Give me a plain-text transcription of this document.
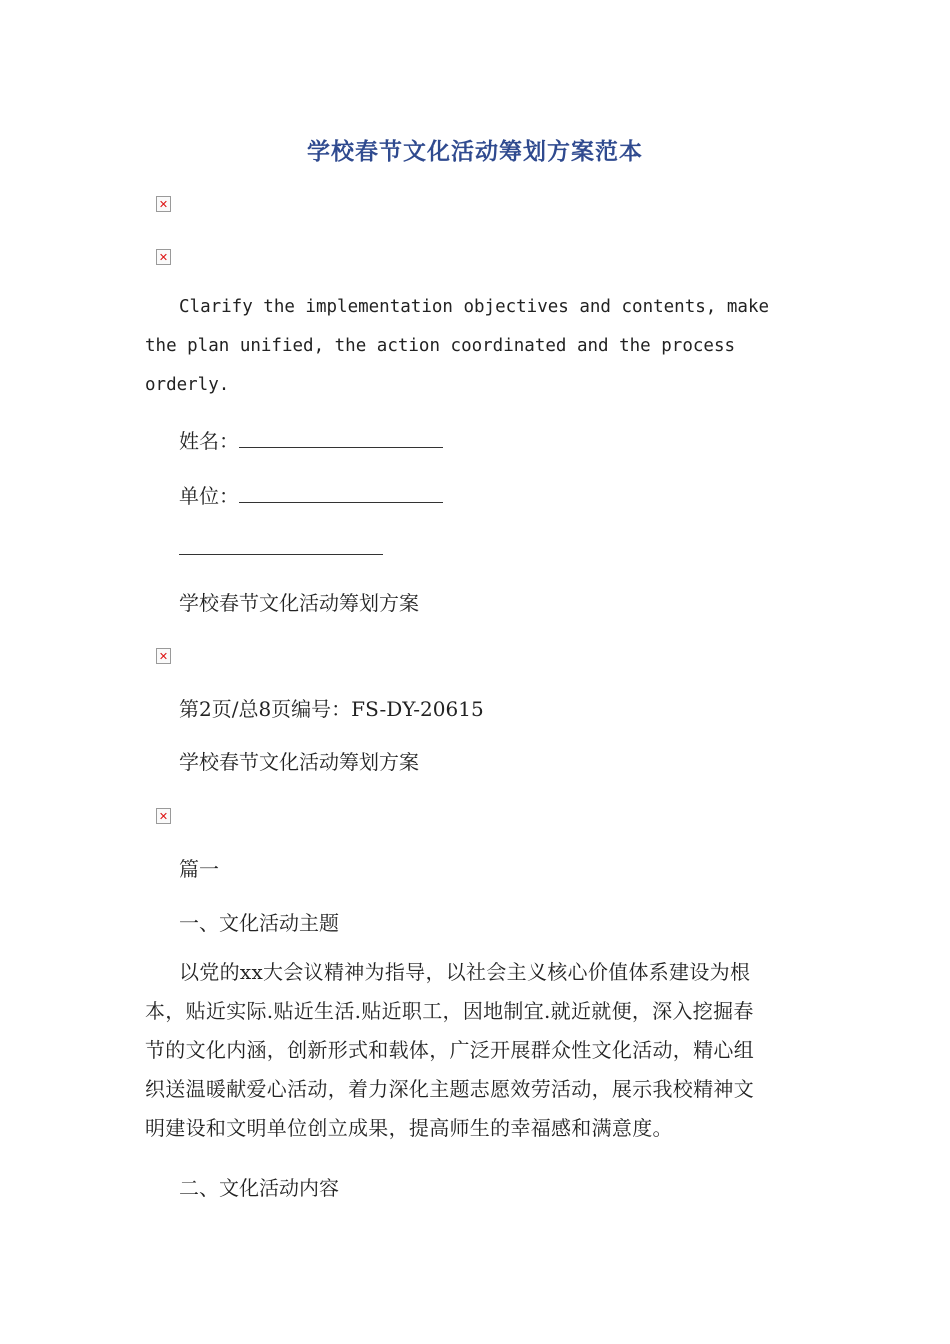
学校春节文化活动筹划方案范本
✕
✕
Clarify the implementation objectives and contents, make
the plan unified, the action coordinated and the process
orderly.
姓名：
单位：
学校春节文化活动筹划方案
✕
第2页/总8页编号：FS-DY-20615
学校春节文化活动筹划方案
✕
篇一
一、文化活动主题
以党的xx大会议精神为指导，以社会主义核心价值体系建设为根
本，贴近实际.贴近生活.贴近职工，因地制宜.就近就便，深入挖掘春
节的文化内涵，创新形式和载体，广泛开展群众性文化活动，精心组
织送温暖献爱心活动，着力深化主题志愿效劳活动，展示我校精神文
明建设和文明单位创立成果，提高师生的幸福感和满意度。
二、文化活动内容
